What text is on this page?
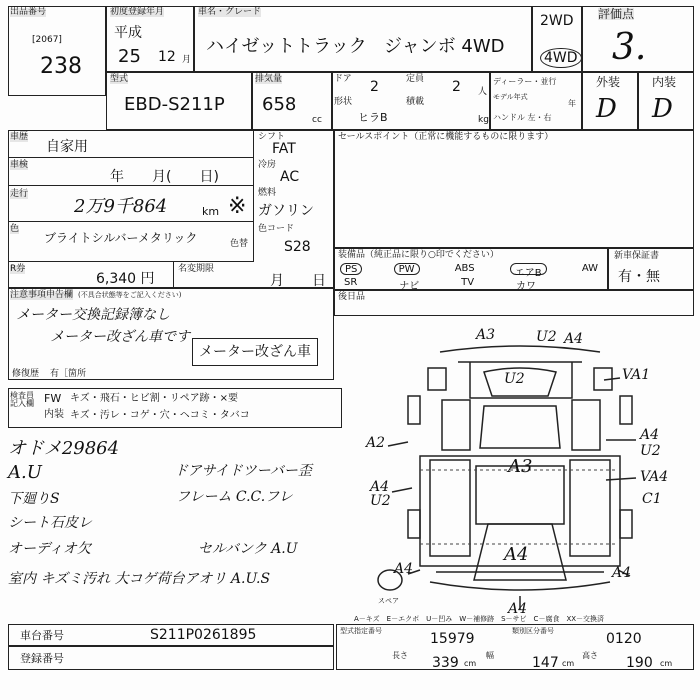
出品番号
[2067]
238
初度登録年月
平成
25 12 月
車名・グレード
ハイゼットトラック ジャンボ 4WD
2WD
4WD
評価点
3.
型式
EBD-S211P
排気量
658
cc
ドア 2	定員 2 人
形状
ヒラB
積載
kg
ディーラー・並行
モデル年式
年
ハンドル 左・右
外装	内装
D D
車歴
自家用
シフト
FAT
車検
年　　月(　　日)
冷房
AC
走行
2万9千864	km ※
燃料
ガソリン
色
ブライトシルバーメタリック	色替
色コード
S28
R券
6,340 円
名変期限
月　　日
セールスポイント（正常に機能するものに限ります）
装備品（純正品に限り○印でください）
PS	PW	ABS	エアB	AW
SR	ナビ	TV	カワ
新車保証書
有・無
後日品
注意事項申告欄 (不具合状態等をご記入ください)
メーター交換記録簿なし
メーター改ざん車です
メーター改ざん車
修復歴 有［箇所
検査員記入欄 FW キズ・飛石・ヒビ割・リペア跡・×要
内装 キズ・汚レ・コゲ・穴・ヘコミ・タバコ
オドメ29864
A.U
下廻りS
シート石皮レ
オーディオ欠
室内 キズミ汚れ 大コゲ荷台アオリ A.U.S
ドアサイドツーバー歪
フレーム C.C.フレ
セルバンク A.U
A3	U2 A4
VA1
U2
A2
A3
A4
U2
A4
U2
VA4
C1
A4
A4	A4
A4
スペア
A－キズ　E－エクボ　U－凹み　W－補修跡　S－サビ　C－腐食　XX－交換済
車台番号	S211P0261895
登録番号
型式指定番号	15979	類別区分番号	0120
長さ 339 cm
幅	147 cm
高さ 190 cm
